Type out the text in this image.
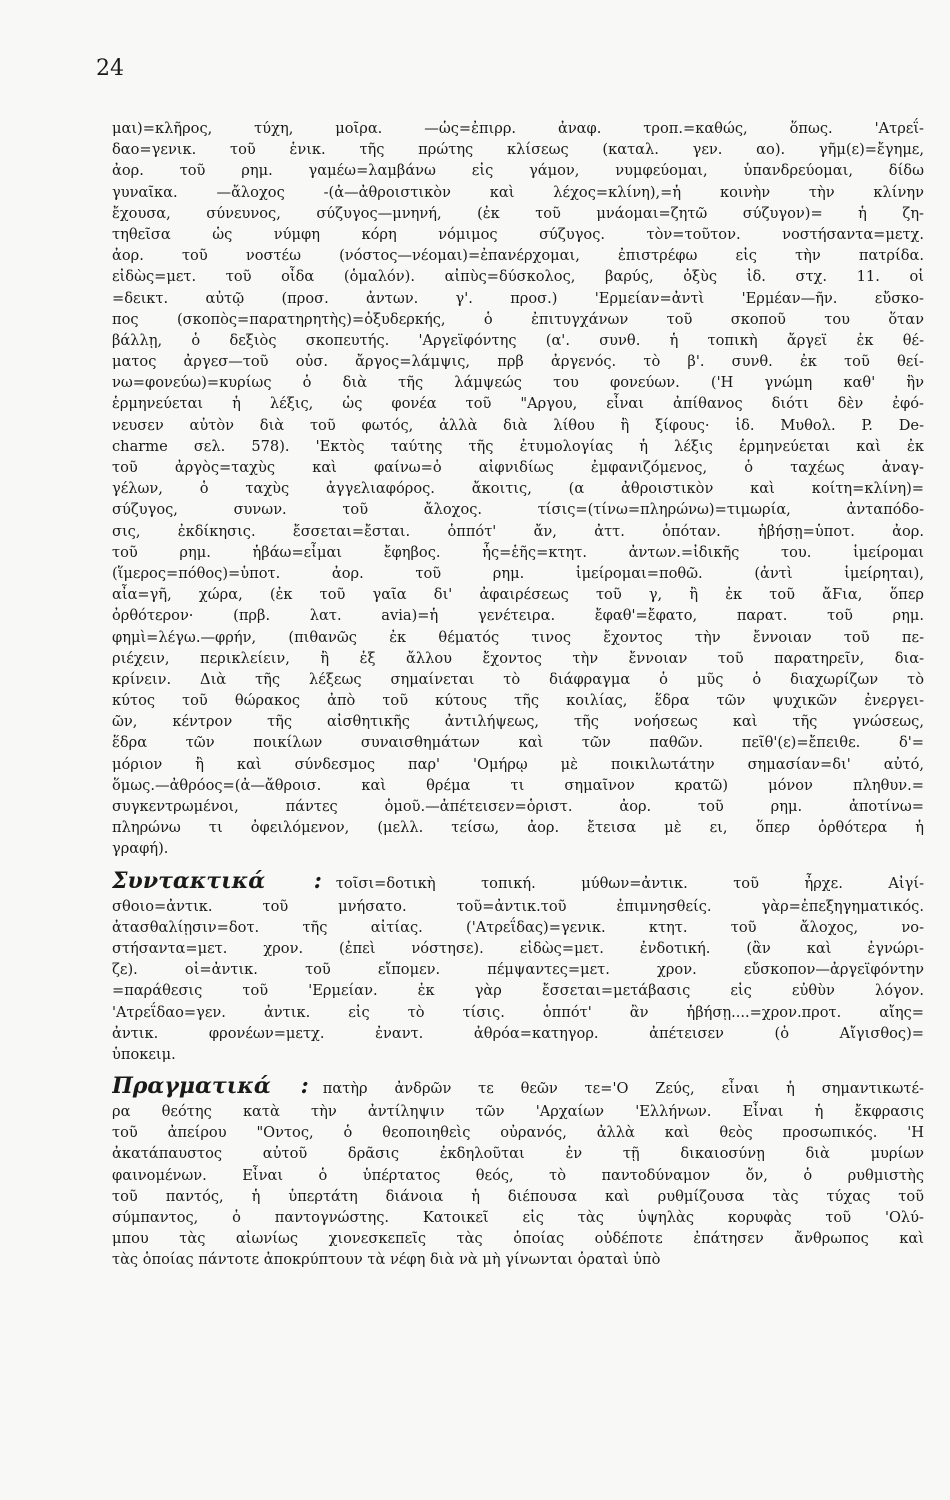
24
μαι)=κλῆρος, τύχη, μοῖρα. —ὡς=ἐπιρρ. ἀναφ. τροπ.=καθώς, ὅπως. 'Ατρεΐ-
δαο=γενικ. τοῦ ἑνικ. τῆς πρώτης κλίσεως (καταλ. γεν. αο). γῆμ(ε)=ἔγημε,
ἀορ. τοῦ ρημ. γαμέω=λαμβάνω εἰς γάμον, νυμφεύομαι, ὑπανδρεύομαι, δίδω
γυναῖκα. —ἄλοχος -(ἀ—ἀθροιστικὸν καὶ λέχος=κλίνη),=ἡ κοινὴν τὴν κλίνην
ἔχουσα, σύνευνος, σύζυγος—μνηνή, (ἐκ τοῦ μνάομαι=ζητῶ σύζυγον)= ἡ ζη-
τηθεῖσα ὡς νύμφη κόρη νόμιμος σύζυγος. τὸν=τοῦτον. νοστήσαντα=μετχ.
ἀορ. τοῦ νοστέω (νόστος—νέομαι)=ἐπανέρχομαι, ἐπιστρέφω εἰς τὴν πατρίδα.
εἰδὼς=μετ. τοῦ οἶδα (ὁμαλόν). αἰπὺς=δύσκολος, βαρύς, ὀξὺς ἰδ. στχ. 11. οἱ
=δεικτ. αὐτῷ (προσ. ἀντων. γ'. προσ.) 'Ερμείαν=ἀντὶ 'Ερμέαν—ῆν. εὔσκο-
πος (σκοπὸς=παρατηρητὴς)=ὀξυδερκής, ὁ ἐπιτυγχάνων τοῦ σκοποῦ του ὅταν
βάλλῃ, ὁ δεξιὸς σκοπευτής. 'Αργεϊφόντης (α'. συνθ. ἡ τοπικὴ ἄργεϊ ἐκ θέ-
ματος ἀργεσ—τοῦ οὐσ. ἄργος=λάμψις, πρβ ἀργενός. τὸ β'. συνθ. ἐκ τοῦ θεί-
νω=φονεύω)=κυρίως ὁ διὰ τῆς λάμψεώς του φονεύων. ('Η γνώμη καθ' ἣν
ἑρμηνεύεται ἡ λέξις, ὡς φονέα τοῦ "Αργου, εἶναι ἀπίθανος διότι δὲν ἐφό-
νευσεν αὐτὸν διὰ τοῦ φωτός, ἀλλὰ διὰ λίθου ἢ ξίφους· ἰδ. Μυθολ. P. De-
charme σελ. 578). 'Εκτὸς ταύτης τῆς ἐτυμολογίας ἡ λέξις ἑρμηνεύεται καὶ ἐκ
τοῦ ἀργὸς=ταχὺς καὶ φαίνω=ὁ αἰφνιδίως ἐμφανιζόμενος, ὁ ταχέως ἀναγ-
γέλων, ὁ ταχὺς ἀγγελιαφόρος. ἄκοιτις, (α ἀθροιστικὸν καὶ κοίτη=κλίνη)=
σύζυγος, συνων. τοῦ ἄλοχος. τίσις=(τίνω=πληρώνω)=τιμωρία, ἀνταπόδο-
σις, ἐκδίκησις. ἔσσεται=ἔσται. ὁππότ' ἄν, ἀττ. ὁπόταν. ἡβήσῃ=ὑποτ. ἀορ.
τοῦ ρημ. ἡβάω=εἶμαι ἔφηβος. ἧς=ἑῆς=κτητ. ἀντων.=ἰδικῆς του. ἱμείρομαι
(ἵμερος=πόθος)=ὑποτ. ἀορ. τοῦ ρημ. ἱμείρομαι=ποθῶ. (ἀντὶ ἱμείρηται),
αἶα=γῆ, χώρα, (ἐκ τοῦ γαῖα δι' ἀφαιρέσεως τοῦ γ, ἢ ἐκ τοῦ ἄϜια, ὅπερ
ὀρθότερον· (πρβ. λατ. avia)=ἡ γενέτειρα. ἔφαθ'=ἔφατο, παρατ. τοῦ ρημ.
φημὶ=λέγω.—φρήν, (πιθανῶς ἐκ θέματός τινος ἔχοντος τὴν ἔννοιαν τοῦ πε-
ριέχειν, περικλείειν, ἢ ἐξ ἄλλου ἔχοντος τὴν ἔννοιαν τοῦ παρατηρεῖν, δια-
κρίνειν. Διὰ τῆς λέξεως σημαίνεται τὸ διάφραγμα ὁ μῦς ὁ διαχωρίζων τὸ
κύτος τοῦ θώρακος ἀπὸ τοῦ κύτους τῆς κοιλίας, ἕδρα τῶν ψυχικῶν ἐνεργει-
ῶν, κέντρον τῆς αἰσθητικῆς ἀντιλήψεως, τῆς νοήσεως καὶ τῆς γνώσεως,
ἕδρα τῶν ποικίλων συναισθημάτων καὶ τῶν παθῶν. πεῖθ'(ε)=ἔπειθε. δ'=
μόριον ἢ καὶ σύνδεσμος παρ' 'Ομήρῳ μὲ ποικιλωτάτην σημασίαν=δι' αὐτό,
ὅμως.—ἀθρόος=(ἀ—ἄθροισ. καὶ θρέμα τι σημαῖνον κρατῶ) μόνον πληθυν.=
συγκεντρωμένοι, πάντες ὁμοῦ.—ἀπέτεισεν=ὁριστ. ἀορ. τοῦ ρημ. ἀποτίνω=
πληρώνω τι ὀφειλόμενον, (μελλ. τείσω, ἀορ. ἔτεισα μὲ ει, ὅπερ ὀρθότερα ἡ
γραφή).
Συντακτικά : τοῖσι=δοτικὴ τοπική. μύθων=ἀντικ. τοῦ ἦρχε. Αἰγί-
σθοιο=ἀντικ. τοῦ μνήσατο. τοῦ=ἀντικ.τοῦ ἐπιμνησθείς. γὰρ=ἐπεξηγηματικός.
ἀτασθαλίῃσιν=δοτ. τῆς αἰτίας. ('Ατρεΐδας)=γενικ. κτητ. τοῦ ἄλοχος, νο-
στήσαντα=μετ. χρον. (ἐπεὶ νόστησε). εἰδὼς=μετ. ἐνδοτική. (ἂν καὶ ἐγνώρι-
ζε). οἱ=ἀντικ. τοῦ εἴπομεν. πέμψαντες=μετ. χρον. εὔσκοπον—ἀργεϊφόντην
=παράθεσις τοῦ 'Ερμείαν. ἐκ γὰρ ἔσσεται=μετάβασις εἰς εὐθὺν λόγον.
'Ατρεΐδαο=γεν. ἀντικ. εἰς τὸ τίσις. ὁππότ' ἂν ἡβήσῃ....=χρον.προτ. αἴης=
ἀντικ. φρονέων=μετχ. ἐναντ. ἀθρόα=κατηγορ. ἀπέτεισεν (ὁ Αἴγισθος)=
ὑποκειμ.
Πραγματικά : πατὴρ ἀνδρῶν τε θεῶν τε='Ο Ζεύς, εἶναι ἡ σημαντικωτέ-
ρα θεότης κατὰ τὴν ἀντίληψιν τῶν 'Αρχαίων 'Ελλήνων. Εἶναι ἡ ἔκφρασις
τοῦ ἀπείρου "Οντος, ὁ θεοποιηθεὶς οὐρανός, ἀλλὰ καὶ θεὸς προσωπικός. 'Η
ἀκατάπαυστος αὐτοῦ δρᾶσις ἐκδηλοῦται ἐν τῇ δικαιοσύνῃ διὰ μυρίων
φαινομένων. Εἶναι ὁ ὑπέρτατος θεός, τὸ παντοδύναμον ὄν, ὁ ρυθμιστὴς
τοῦ παντός, ἡ ὑπερτάτη διάνοια ἡ διέπουσα καὶ ρυθμίζουσα τὰς τύχας τοῦ
σύμπαντος, ὁ παντογνώστης. Κατοικεῖ εἰς τὰς ὑψηλὰς κορυφὰς τοῦ 'Ολύ-
μπου τὰς αἰωνίως χιονεσκεπεῖς τὰς ὁποίας οὐδέποτε ἐπάτησεν ἄνθρωπος καὶ
τὰς ὁποίας πάντοτε ἀποκρύπτουν τὰ νέφη διὰ νὰ μὴ γίνωνται ὁραταὶ ὑπὸ
